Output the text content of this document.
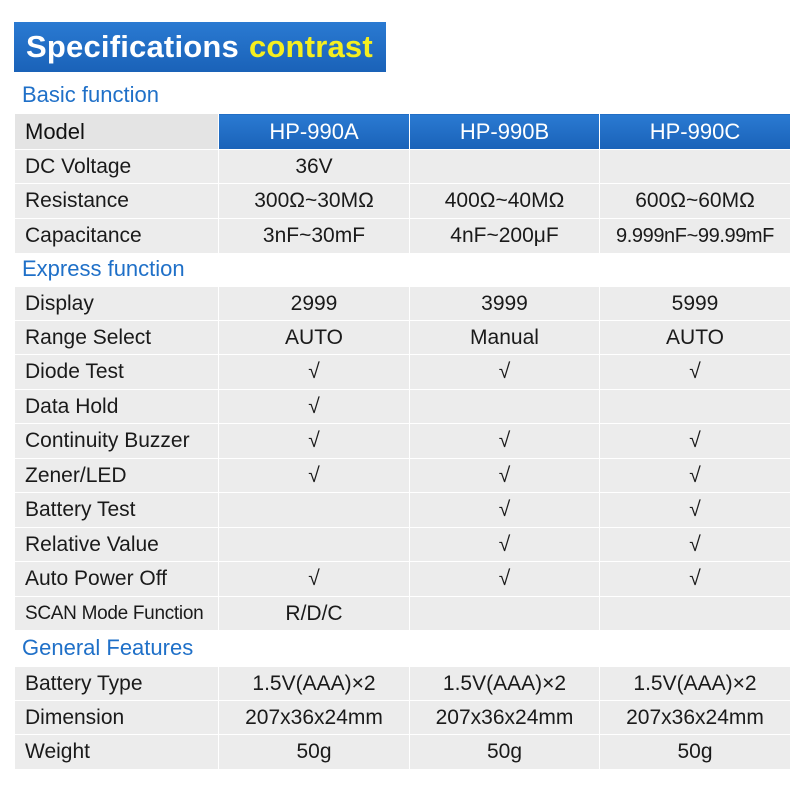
Specifications contrast
Basic function
Model	HP-990A	HP-990B	HP-990C
DC Voltage	36V		
Resistance	300Ω~30MΩ	400Ω~40MΩ	600Ω~60MΩ
Capacitance	3nF~30mF	4nF~200μF	9.999nF~99.99mF
Express function
Display	2999	3999	5999
Range Select	AUTO	Manual	AUTO
Diode Test	√	√	√
Data Hold	√		
Continuity Buzzer	√	√	√
Zener/LED	√	√	√
Battery Test		√	√
Relative Value		√	√
Auto Power Off	√	√	√
SCAN Mode Function	R/D/C		
General Features
Battery Type	1.5V(AAA)×2	1.5V(AAA)×2	1.5V(AAA)×2
Dimension	207x36x24mm	207x36x24mm	207x36x24mm
Weight	50g	50g	50g
